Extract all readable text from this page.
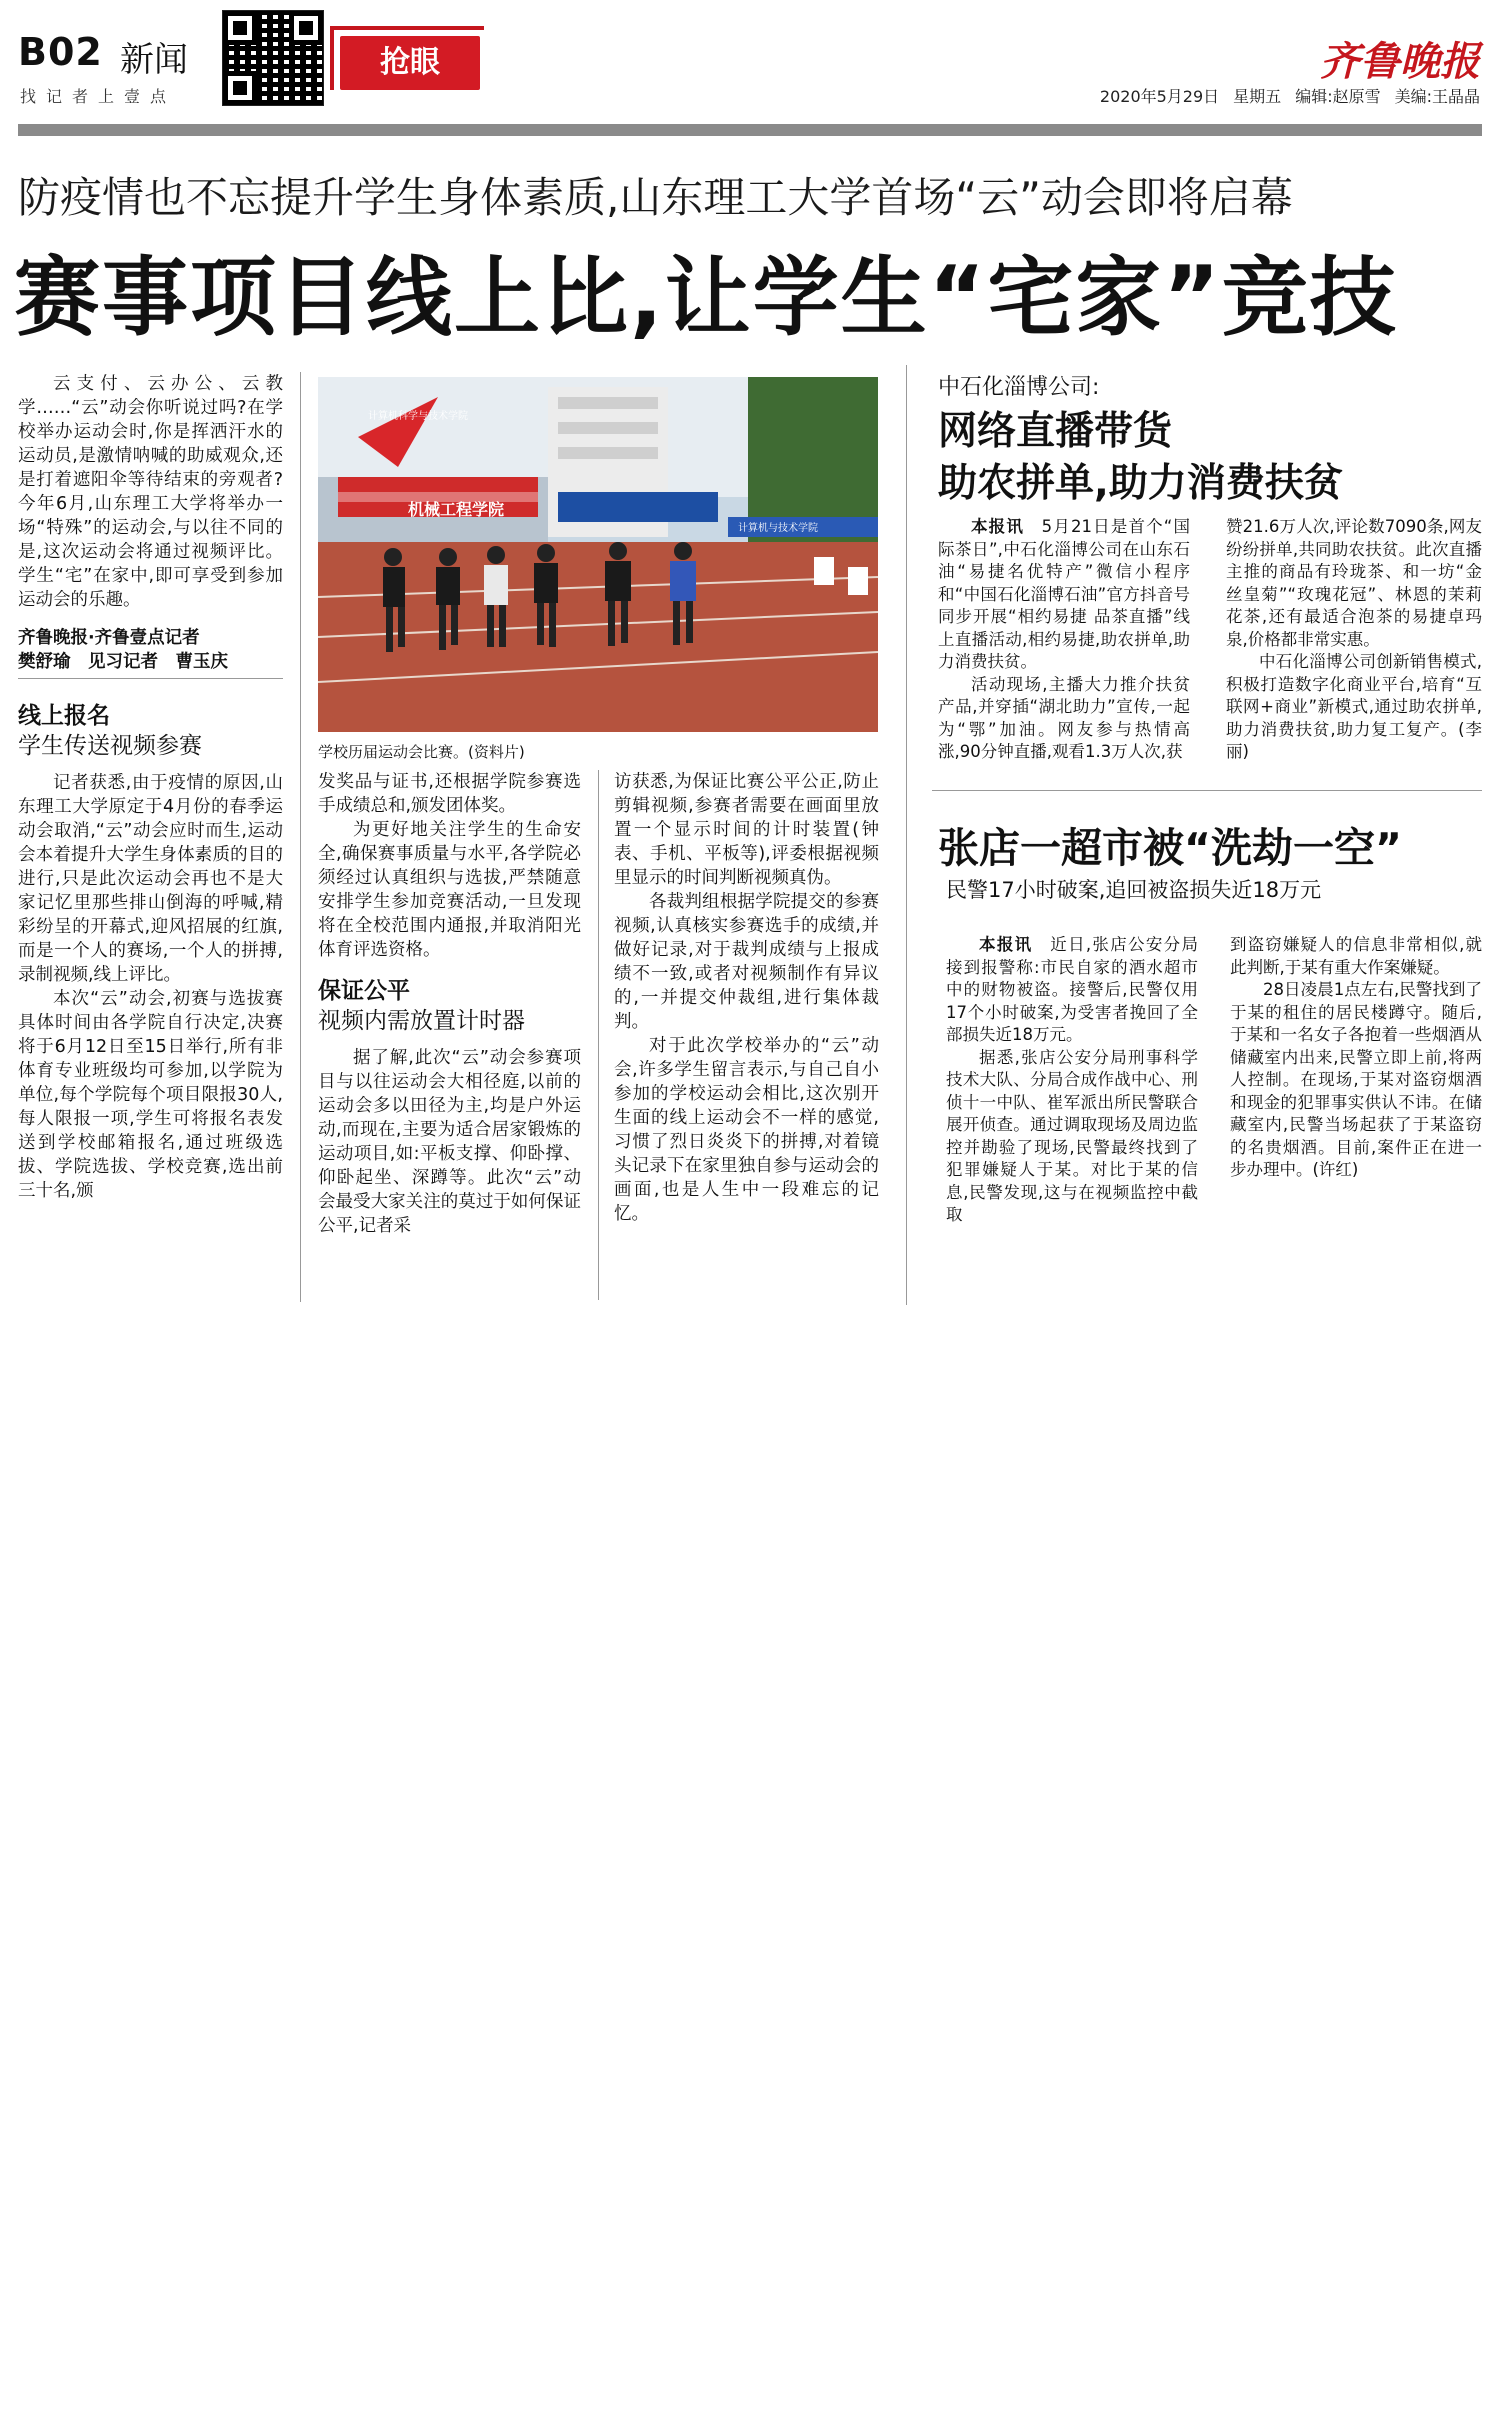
B02 新闻
找记者上壹点
抢眼	齐鲁晚报
2020年5月29日 星期五 编辑:赵原雪 美编:王晶晶
防疫情也不忘提升学生身体素质,山东理工大学首场“云”动会即将启幕
赛事项目线上比,让学生“宅家”竞技

云支付、云办公、云教学……“云”动会你听说过吗?在学校举办运动会时,你是挥洒汗水的运动员,是激情呐喊的助威观众,还是打着遮阳伞等待结束的旁观者?今年6月,山东理工大学将举办一场“特殊”的运动会,与以往不同的是,这次运动会将通过视频评比。学生“宅”在家中,即可享受到参加运动会的乐趣。

齐鲁晚报·齐鲁壹点记者
樊舒瑜　见习记者　曹玉庆
线上报名
学生传送视频参赛

记者获悉,由于疫情的原因,山东理工大学原定于4月份的春季运动会取消,“云”动会应时而生,运动会本着提升大学生身体素质的目的进行,只是此次运动会再也不是大家记忆里那些排山倒海的呼喊,精彩纷呈的开幕式,迎风招展的红旗,而是一个人的赛场,一个人的拼搏,录制视频,线上评比。

本次“云”动会,初赛与选拔赛具体时间由各学院自行决定,决赛将于6月12日至15日举行,所有非体育专业班级均可参加,以学院为单位,每个学院每个项目限报30人,每人限报一项,学生可将报名表发送到学校邮箱报名,通过班级选拔、学院选拔、学校竞赛,选出前三十名,颁

机械工程学院
计算机科学与技术学院
计算机与技术学院
学校历届运动会比赛。(资料片)

发奖品与证书,还根据学院参赛选手成绩总和,颁发团体奖。

为更好地关注学生的生命安全,确保赛事质量与水平,各学院必须经过认真组织与选拔,严禁随意安排学生参加竞赛活动,一旦发现将在全校范围内通报,并取消阳光体育评选资格。

保证公平
视频内需放置计时器

据了解,此次“云”动会参赛项目与以往运动会大相径庭,以前的运动会多以田径为主,均是户外运动,而现在,主要为适合居家锻炼的运动项目,如:平板支撑、仰卧撑、仰卧起坐、深蹲等。此次“云”动会最受大家关注的莫过于如何保证公平,记者采

访获悉,为保证比赛公平公正,防止剪辑视频,参赛者需要在画面里放置一个显示时间的计时装置(钟表、手机、平板等),评委根据视频里显示的时间判断视频真伪。

各裁判组根据学院提交的参赛视频,认真核实参赛选手的成绩,并做好记录,对于裁判成绩与上报成绩不一致,或者对视频制作有异议的,一并提交仲裁组,进行集体裁判。

对于此次学校举办的“云”动会,许多学生留言表示,与自己自小参加的学校运动会相比,这次别开生面的线上运动会不一样的感觉,习惯了烈日炎炎下的拼搏,对着镜头记录下在家里独自参与运动会的画面,也是人生中一段难忘的记忆。

中石化淄博公司:
网络直播带货
助农拼单,助力消费扶贫

本报讯　 5月21日是首个“国际茶日”,中石化淄博公司在山东石油“易捷名优特产”微信小程序和“中国石化淄博石油”官方抖音号同步开展“相约易捷 品茶直播”线上直播活动,相约易捷,助农拼单,助力消费扶贫。

活动现场,主播大力推介扶贫产品,并穿插“湖北助力”宣传,一起为“鄂”加油。网友参与热情高涨,90分钟直播,观看1.3万人次,获

赞21.6万人次,评论数7090条,网友纷纷拼单,共同助农扶贫。此次直播主推的商品有玲珑茶、和一坊“金丝皇菊”“玫瑰花冠”、林恩的茉莉花茶,还有最适合泡茶的易捷卓玛泉,价格都非常实惠。

中石化淄博公司创新销售模式,积极打造数字化商业平台,培育“互联网+商业”新模式,通过助农拼单,助力消费扶贫,助力复工复产。(李丽)

张店一超市被“洗劫一空”
民警17小时破案,追回被盗损失近18万元

本报讯　 近日,张店公安分局接到报警称:市民自家的酒水超市中的财物被盗。接警后,民警仅用17个小时破案,为受害者挽回了全部损失近18万元。

据悉,张店公安分局刑事科学技术大队、分局合成作战中心、刑侦十一中队、崔军派出所民警联合展开侦查。通过调取现场及周边监控并勘验了现场,民警最终找到了犯罪嫌疑人于某。对比于某的信息,民警发现,这与在视频监控中截取

到盗窃嫌疑人的信息非常相似,就此判断,于某有重大作案嫌疑。

28日凌晨1点左右,民警找到了于某的租住的居民楼蹲守。随后,于某和一名女子各抱着一些烟酒从储藏室内出来,民警立即上前,将两人控制。在现场,于某对盗窃烟酒和现金的犯罪事实供认不讳。在储藏室内,民警当场起获了于某盗窃的名贵烟酒。目前,案件正在进一步办理中。(许红)
